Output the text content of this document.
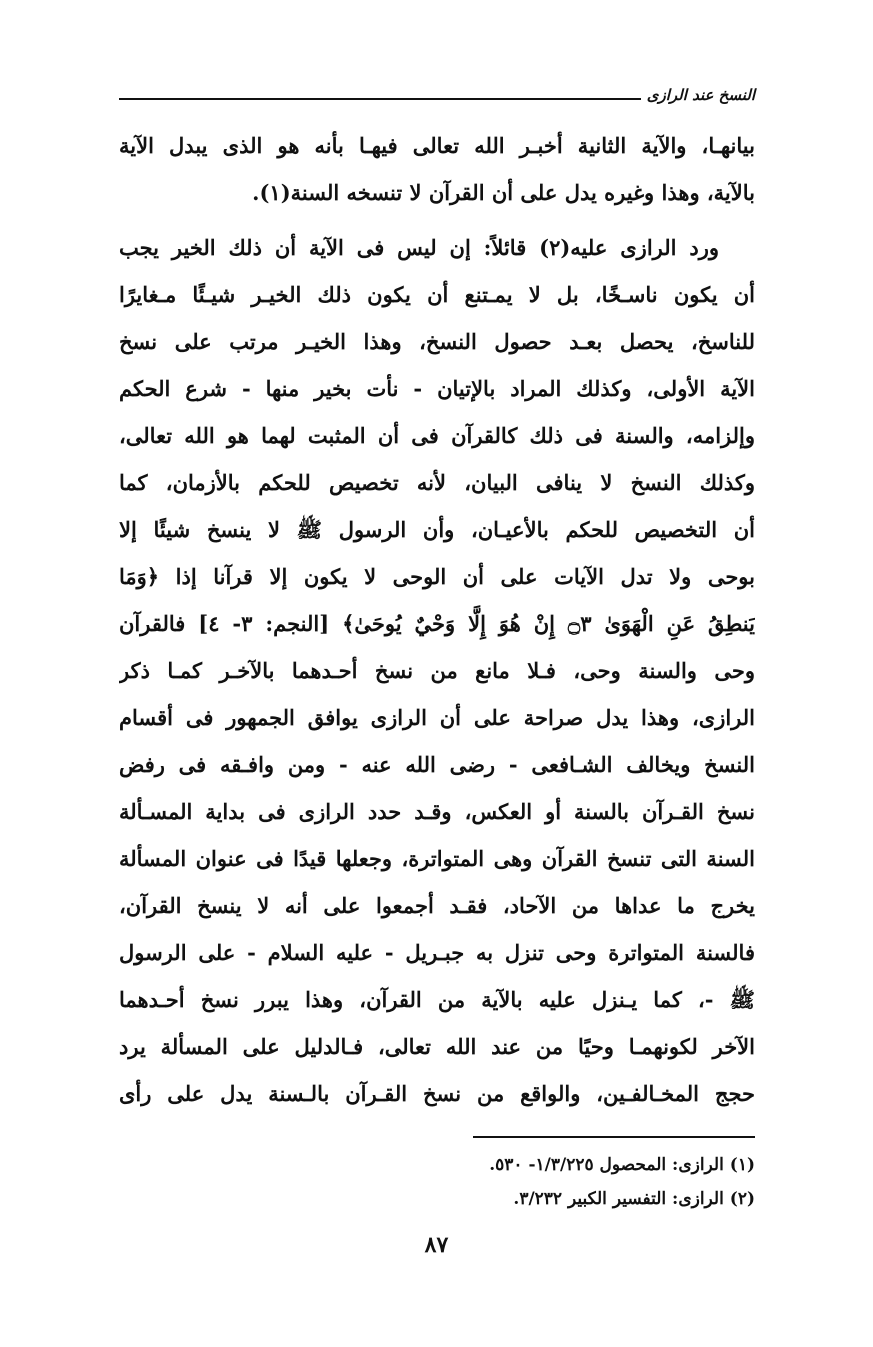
النسخ عند الرازى
بيانهـا، والآية الثانية أخبـر الله تعالى فيهـا بأنه هو الذى يبدل الآية
بالآية، وهذا وغيره يدل على أن القرآن لا تنسخه السنة(١).
ورد الرازى عليه(٢) قائلاً: إن ليس فى الآية أن ذلك الخير يجب
أن يكون ناسـخًا، بل لا يمـتنع أن يكون ذلك الخيـر شيـئًا مـغايرًا
للناسخ، يحصل بعـد حصول النسخ، وهذا الخيـر مرتب على نسخ
الآية الأولى، وكذلك المراد بالإتيان - نأت بخير منها - شرع الحكم
وإلزامه، والسنة فى ذلك كالقرآن فى أن المثبت لهما هو الله تعالى،
وكذلك النسخ لا ينافى البيان، لأنه تخصيص للحكم بالأزمان، كما
أن التخصيص للحكم بالأعيـان، وأن الرسول ﷺ لا ينسخ شيئًا إلا
بوحى ولا تدل الآيات على أن الوحى لا يكون إلا قرآنا إذا ﴿وَمَا
يَنطِقُ عَنِ الْهَوَىٰ ۝٣ إِنْ هُوَ إِلَّا وَحْيٌ يُوحَىٰ﴾ [النجم: ٣- ٤] فالقرآن
وحى والسنة وحى، فـلا مانع من نسخ أحـدهما بالآخـر كمـا ذكر
الرازى، وهذا يدل صراحة على أن الرازى يوافق الجمهور فى أقسام
النسخ ويخالف الشـافعى - رضى الله عنه - ومن وافـقه فى رفض
نسخ القـرآن بالسنة أو العكس، وقـد حدد الرازى فى بداية المسـألة
السنة التى تنسخ القرآن وهى المتواترة، وجعلها قيدًا فى عنوان المسألة
يخرج ما عداها من الآحاد، فقـد أجمعوا على أنه لا ينسخ القرآن،
فالسنة المتواترة وحى تنزل به جبـريل - عليه السلام - على الرسول
ﷺ -، كما يـنزل عليه بالآية من القرآن، وهذا يبرر نسخ أحـدهما
الآخر لكونهمـا وحيًا من عند الله تعالى، فـالدليل على المسألة يرد
حجج المخـالفـين، والواقع من نسخ القـرآن بالـسنة يدل على رأى
(١) الرازى: المحصول ١/٣/٢٢٥- ٥٣٠.
(٢) الرازى: التفسير الكبير ٣/٢٣٢.
٨٧
